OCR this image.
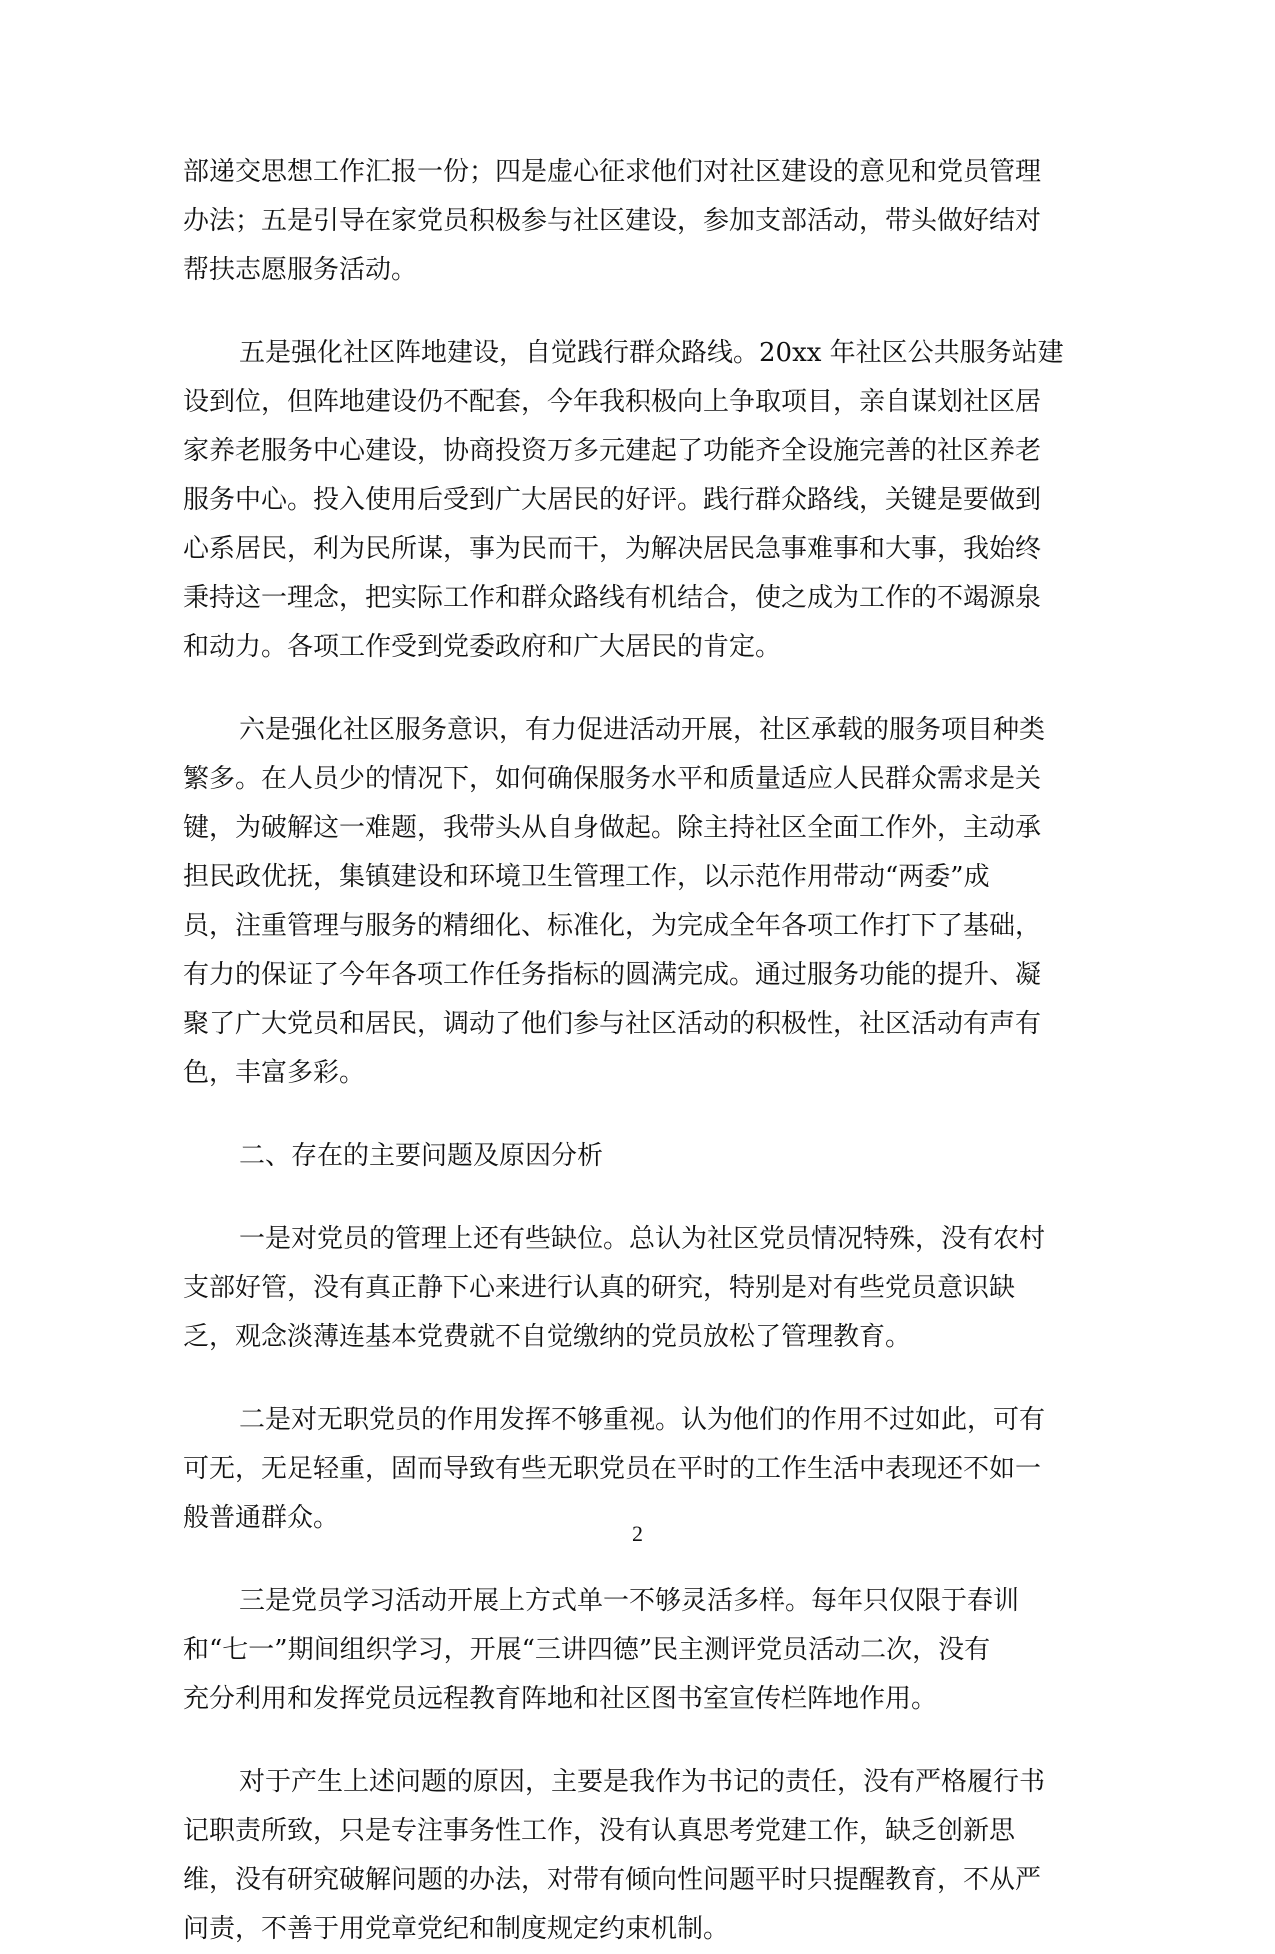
部递交思想工作汇报一份；四是虚心征求他们对社区建设的意见和党员管理
办法；五是引导在家党员积极参与社区建设，参加支部活动，带头做好结对
帮扶志愿服务活动。
五是强化社区阵地建设，自觉践行群众路线。20xx 年社区公共服务站建
设到位，但阵地建设仍不配套，今年我积极向上争取项目，亲自谋划社区居
家养老服务中心建设，协商投资万多元建起了功能齐全设施完善的社区养老
服务中心。投入使用后受到广大居民的好评。践行群众路线，关键是要做到
心系居民，利为民所谋，事为民而干，为解决居民急事难事和大事，我始终
秉持这一理念，把实际工作和群众路线有机结合，使之成为工作的不竭源泉
和动力。各项工作受到党委政府和广大居民的肯定。
六是强化社区服务意识，有力促进活动开展，社区承载的服务项目种类
繁多。在人员少的情况下，如何确保服务水平和质量适应人民群众需求是关
键，为破解这一难题，我带头从自身做起。除主持社区全面工作外，主动承
担民政优抚，集镇建设和环境卫生管理工作，以示范作用带动“两委”成
员，注重管理与服务的精细化、标准化，为完成全年各项工作打下了基础，
有力的保证了今年各项工作任务指标的圆满完成。通过服务功能的提升、凝
聚了广大党员和居民，调动了他们参与社区活动的积极性，社区活动有声有
色，丰富多彩。
二、存在的主要问题及原因分析
一是对党员的管理上还有些缺位。总认为社区党员情况特殊，没有农村
支部好管，没有真正静下心来进行认真的研究，特别是对有些党员意识缺
乏，观念淡薄连基本党费就不自觉缴纳的党员放松了管理教育。
二是对无职党员的作用发挥不够重视。认为他们的作用不过如此，可有
可无，无足轻重，固而导致有些无职党员在平时的工作生活中表现还不如一
般普通群众。
三是党员学习活动开展上方式单一不够灵活多样。每年只仅限于春训
和“七一”期间组织学习，开展“三讲四德”民主测评党员活动二次，没有
充分利用和发挥党员远程教育阵地和社区图书室宣传栏阵地作用。
对于产生上述问题的原因，主要是我作为书记的责任，没有严格履行书
记职责所致，只是专注事务性工作，没有认真思考党建工作，缺乏创新思
维，没有研究破解问题的办法，对带有倾向性问题平时只提醒教育，不从严
问责，不善于用党章党纪和制度规定约束机制。
2
